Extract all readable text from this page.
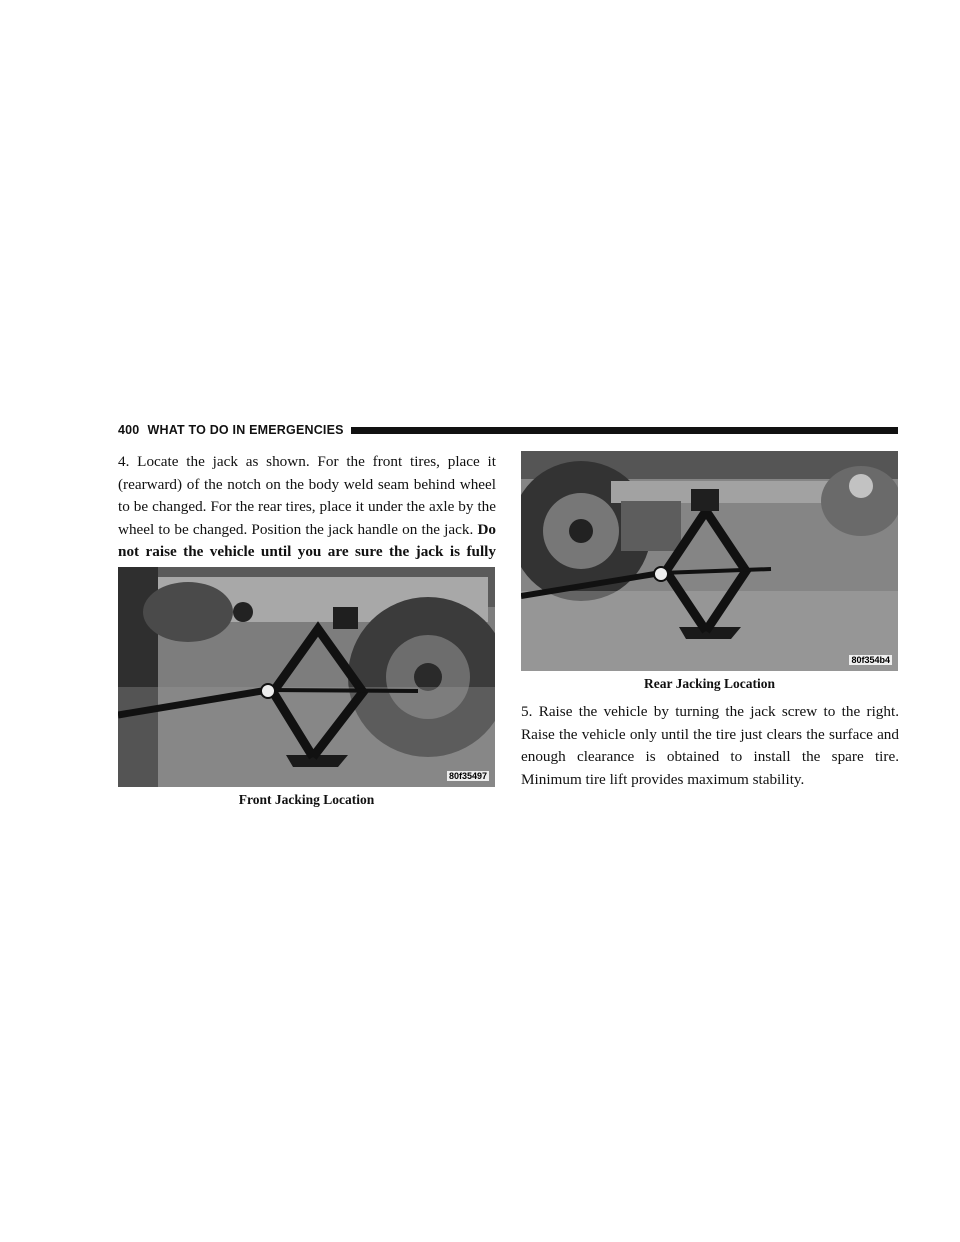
400 WHAT TO DO IN EMERGENCIES

4. Locate the jack as shown. For the front tires, place it (rearward) of the notch on the body weld seam behind wheel to be changed. For the rear tires, place it under the axle by the wheel to be changed. Position the jack handle on the jack. Do not raise the vehicle until you are sure the jack is fully

80f35497

Front Jacking Location

80f354b4

Rear Jacking Location

5. Raise the vehicle by turning the jack screw to the right. Raise the vehicle only until the tire just clears the surface and enough clearance is obtained to install the spare tire. Minimum tire lift provides maximum stability.
